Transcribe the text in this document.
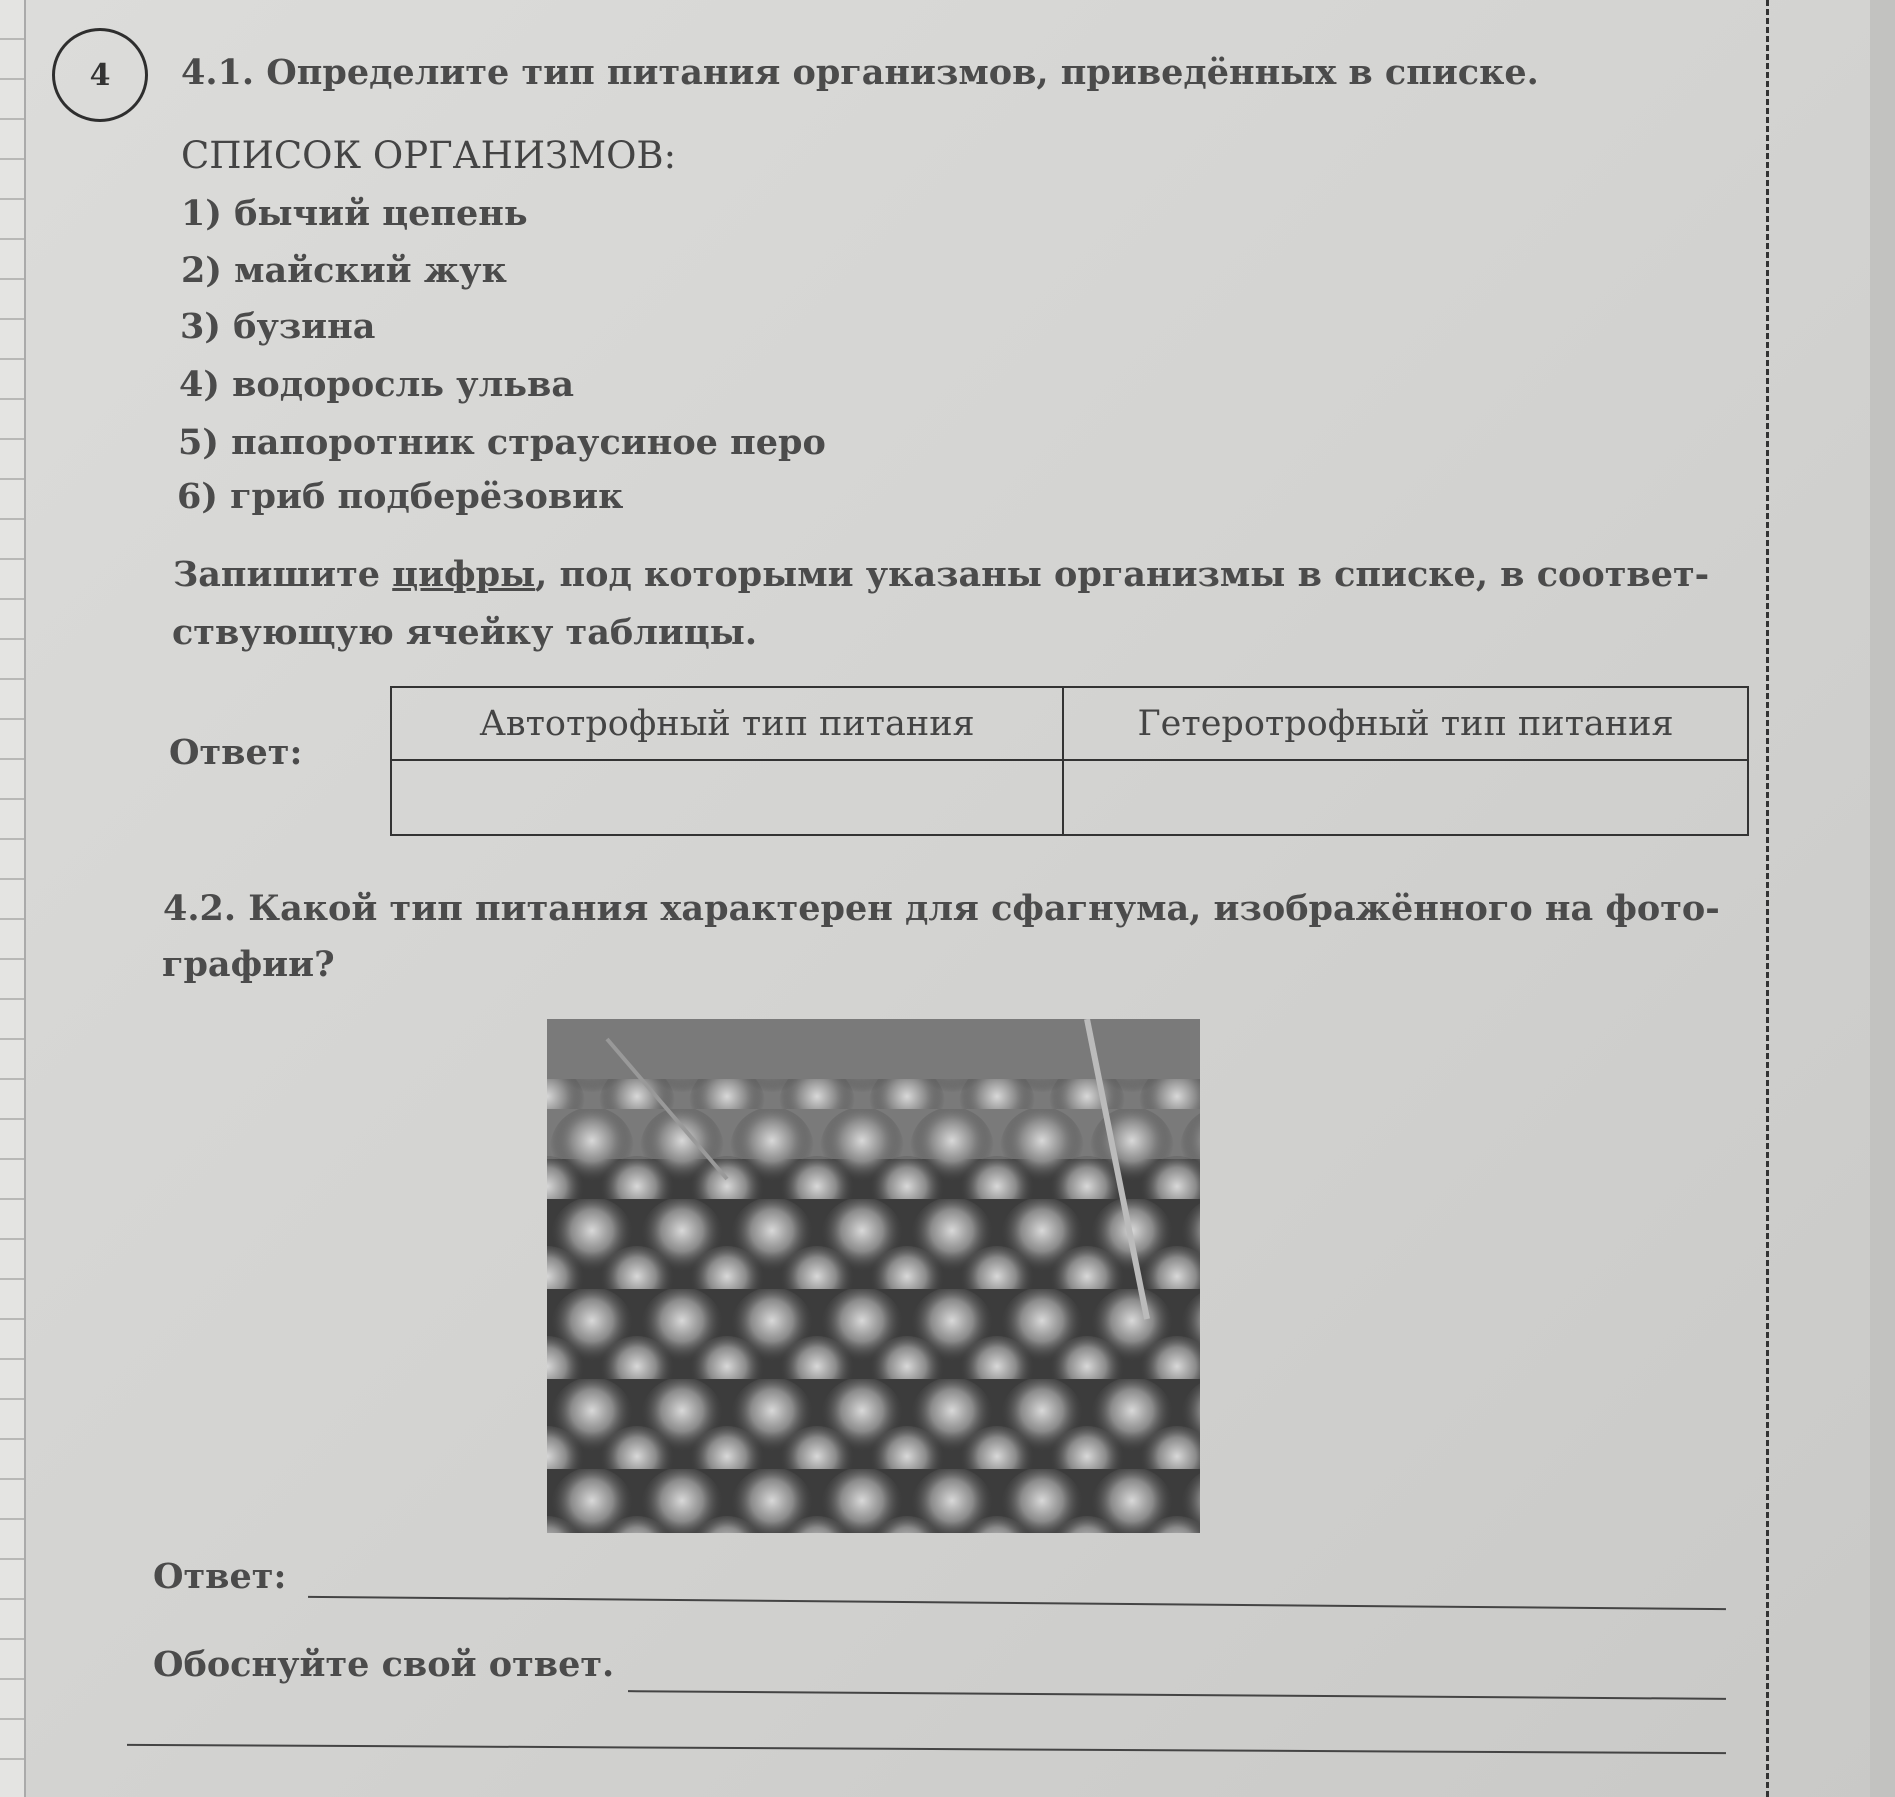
4 4.1. Определите тип питания организмов, приведённых в списке.
СПИСОК ОРГАНИЗМОВ:
1) бычий цепень
2) майский жук
3) бузина
4) водоросль ульва
5) папоротник страусиное перо
6) гриб подберёзовик
Запишите цифры, под которыми указаны организмы в списке, в соответ-
ствующую ячейку таблицы.
Ответ:
Автотрофный тип питания	Гетеротрофный тип питания

4.2. Какой тип питания характерен для сфагнума, изображённого на фото-
графии?
Ответ:
Обоснуйте свой ответ.
